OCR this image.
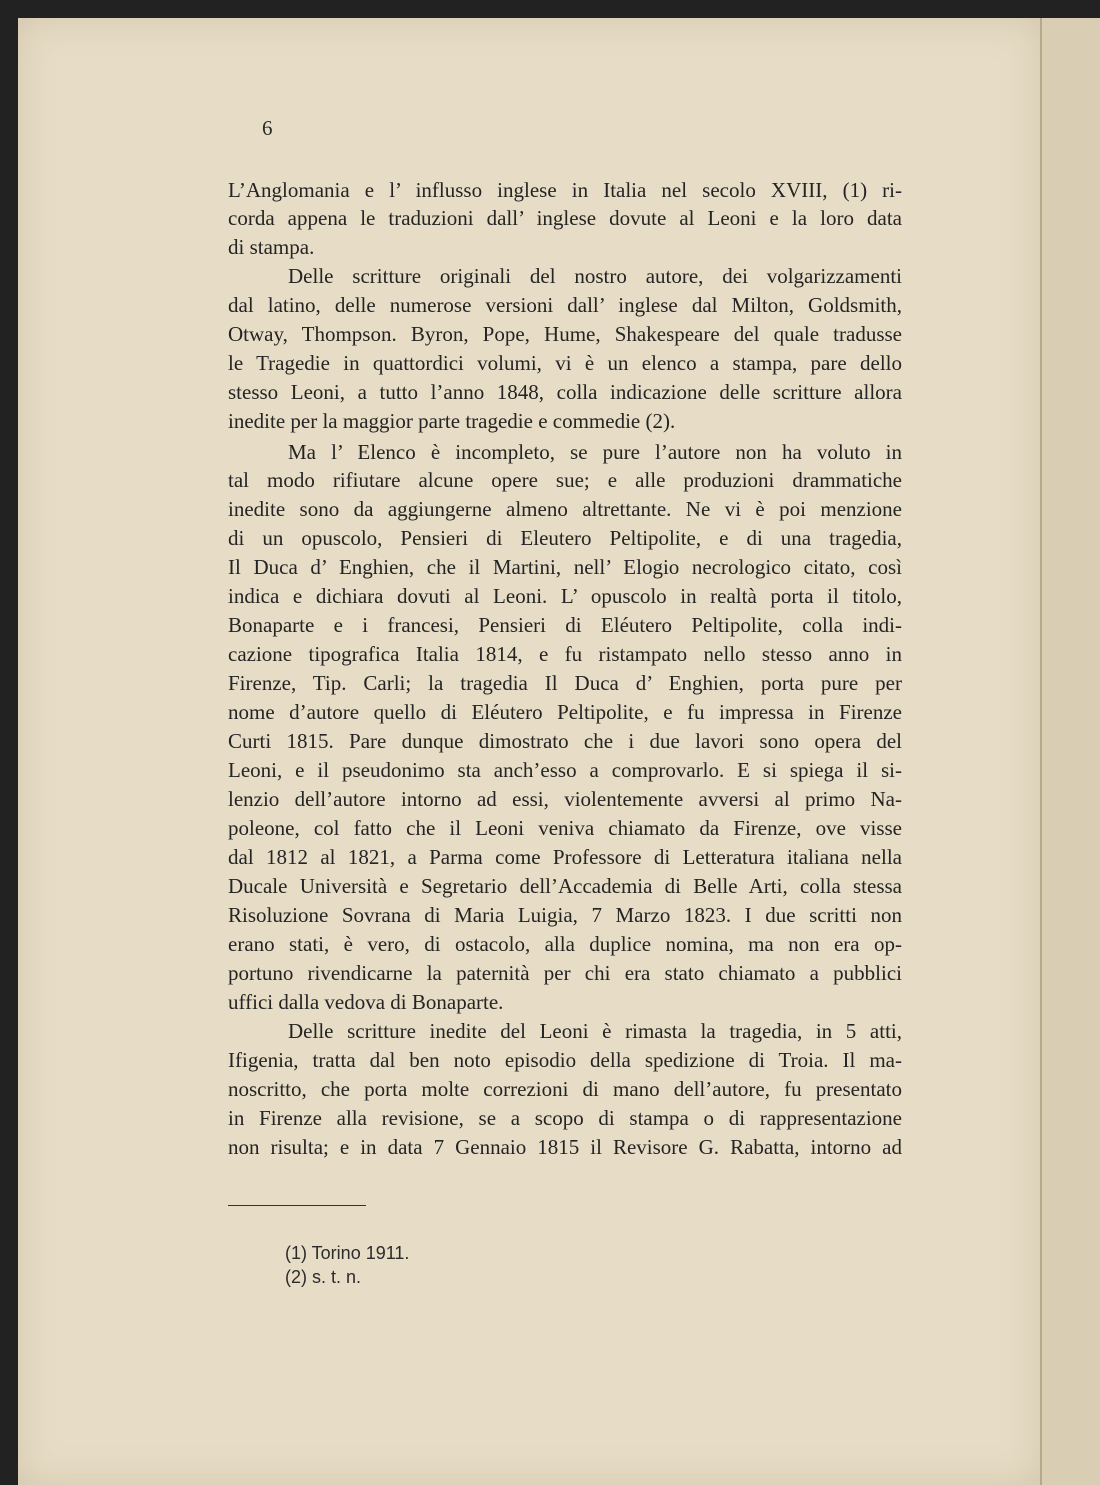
6
L’Anglomania e l’ influsso inglese in Italia nel secolo XVIII, (1) ri-
corda appena le traduzioni dall’ inglese dovute al Leoni e la loro data
di stampa.
Delle scritture originali del nostro autore, dei volgarizzamenti
dal latino, delle numerose versioni dall’ inglese dal Milton, Goldsmith,
Otway, Thompson. Byron, Pope, Hume, Shakespeare del quale tradusse
le Tragedie in quattordici volumi, vi è un elenco a stampa, pare dello
stesso Leoni, a tutto l’anno 1848, colla indicazione delle scritture allora
inedite per la maggior parte tragedie e commedie (2).
Ma l’ Elenco è incompleto, se pure l’autore non ha voluto in
tal modo rifiutare alcune opere sue; e alle produzioni drammatiche
inedite sono da aggiungerne almeno altrettante. Ne vi è poi menzione
di un opuscolo, Pensieri di Eleutero Peltipolite, e di una tragedia,
Il Duca d’ Enghien, che il Martini, nell’ Elogio necrologico citato, così
indica e dichiara dovuti al Leoni. L’ opuscolo in realtà porta il titolo,
Bonaparte e i francesi, Pensieri di Eléutero Peltipolite, colla indi-
cazione tipografica Italia 1814, e fu ristampato nello stesso anno in
Firenze, Tip. Carli; la tragedia Il Duca d’ Enghien, porta pure per
nome d’autore quello di Eléutero Peltipolite, e fu impressa in Firenze
Curti 1815. Pare dunque dimostrato che i due lavori sono opera del
Leoni, e il pseudonimo sta anch’esso a comprovarlo. E si spiega il si-
lenzio dell’autore intorno ad essi, violentemente avversi al primo Na-
poleone, col fatto che il Leoni veniva chiamato da Firenze, ove visse
dal 1812 al 1821, a Parma come Professore di Letteratura italiana nella
Ducale Università e Segretario dell’Accademia di Belle Arti, colla stessa
Risoluzione Sovrana di Maria Luigia, 7 Marzo 1823. I due scritti non
erano stati, è vero, di ostacolo, alla duplice nomina, ma non era op-
portuno rivendicarne la paternità per chi era stato chiamato a pubblici
uffici dalla vedova di Bonaparte.
Delle scritture inedite del Leoni è rimasta la tragedia, in 5 atti,
Ifigenia, tratta dal ben noto episodio della spedizione di Troia. Il ma-
noscritto, che porta molte correzioni di mano dell’autore, fu presentato
in Firenze alla revisione, se a scopo di stampa o di rappresentazione
non risulta; e in data 7 Gennaio 1815 il Revisore G. Rabatta, intorno ad
(1) Torino 1911.
(2) s. t. n.
